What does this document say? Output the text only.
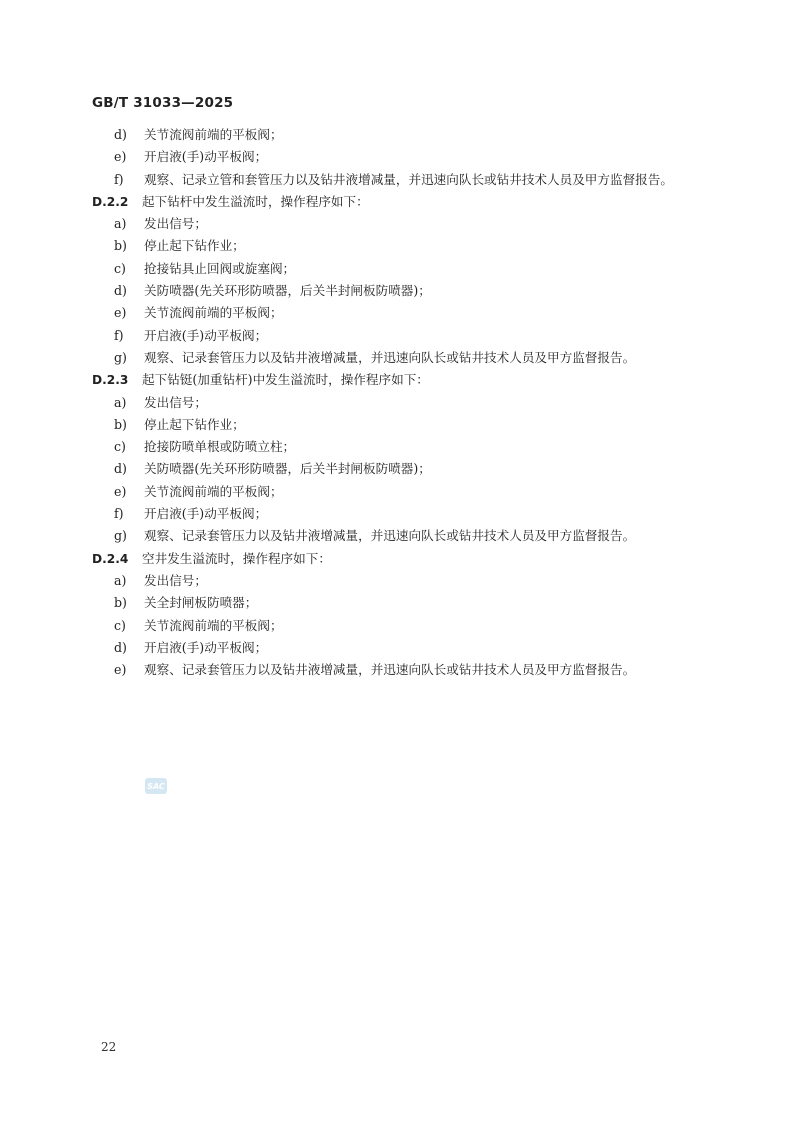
GB/T 31033—2025
d)	关节流阀前端的平板阀；
e)	开启液(手)动平板阀；
f)	观察、记录立管和套管压力以及钻井液增减量，并迅速向队长或钻井技术人员及甲方监督报告。
D.2.2	起下钻杆中发生溢流时，操作程序如下：
a)	发出信号；
b)	停止起下钻作业；
c)	抢接钻具止回阀或旋塞阀；
d)	关防喷器(先关环形防喷器，后关半封闸板防喷器)；
e)	关节流阀前端的平板阀；
f)	开启液(手)动平板阀；
g)	观察、记录套管压力以及钻井液增减量，并迅速向队长或钻井技术人员及甲方监督报告。
D.2.3	起下钻铤(加重钻杆)中发生溢流时，操作程序如下：
a)	发出信号；
b)	停止起下钻作业；
c)	抢接防喷单根或防喷立柱；
d)	关防喷器(先关环形防喷器，后关半封闸板防喷器)；
e)	关节流阀前端的平板阀；
f)	开启液(手)动平板阀；
g)	观察、记录套管压力以及钻井液增减量，并迅速向队长或钻井技术人员及甲方监督报告。
D.2.4	空井发生溢流时，操作程序如下：
a)	发出信号；
b)	关全封闸板防喷器；
c)	关节流阀前端的平板阀；
d)	开启液(手)动平板阀；
e)	观察、记录套管压力以及钻井液增减量，并迅速向队长或钻井技术人员及甲方监督报告。
SAC
22
